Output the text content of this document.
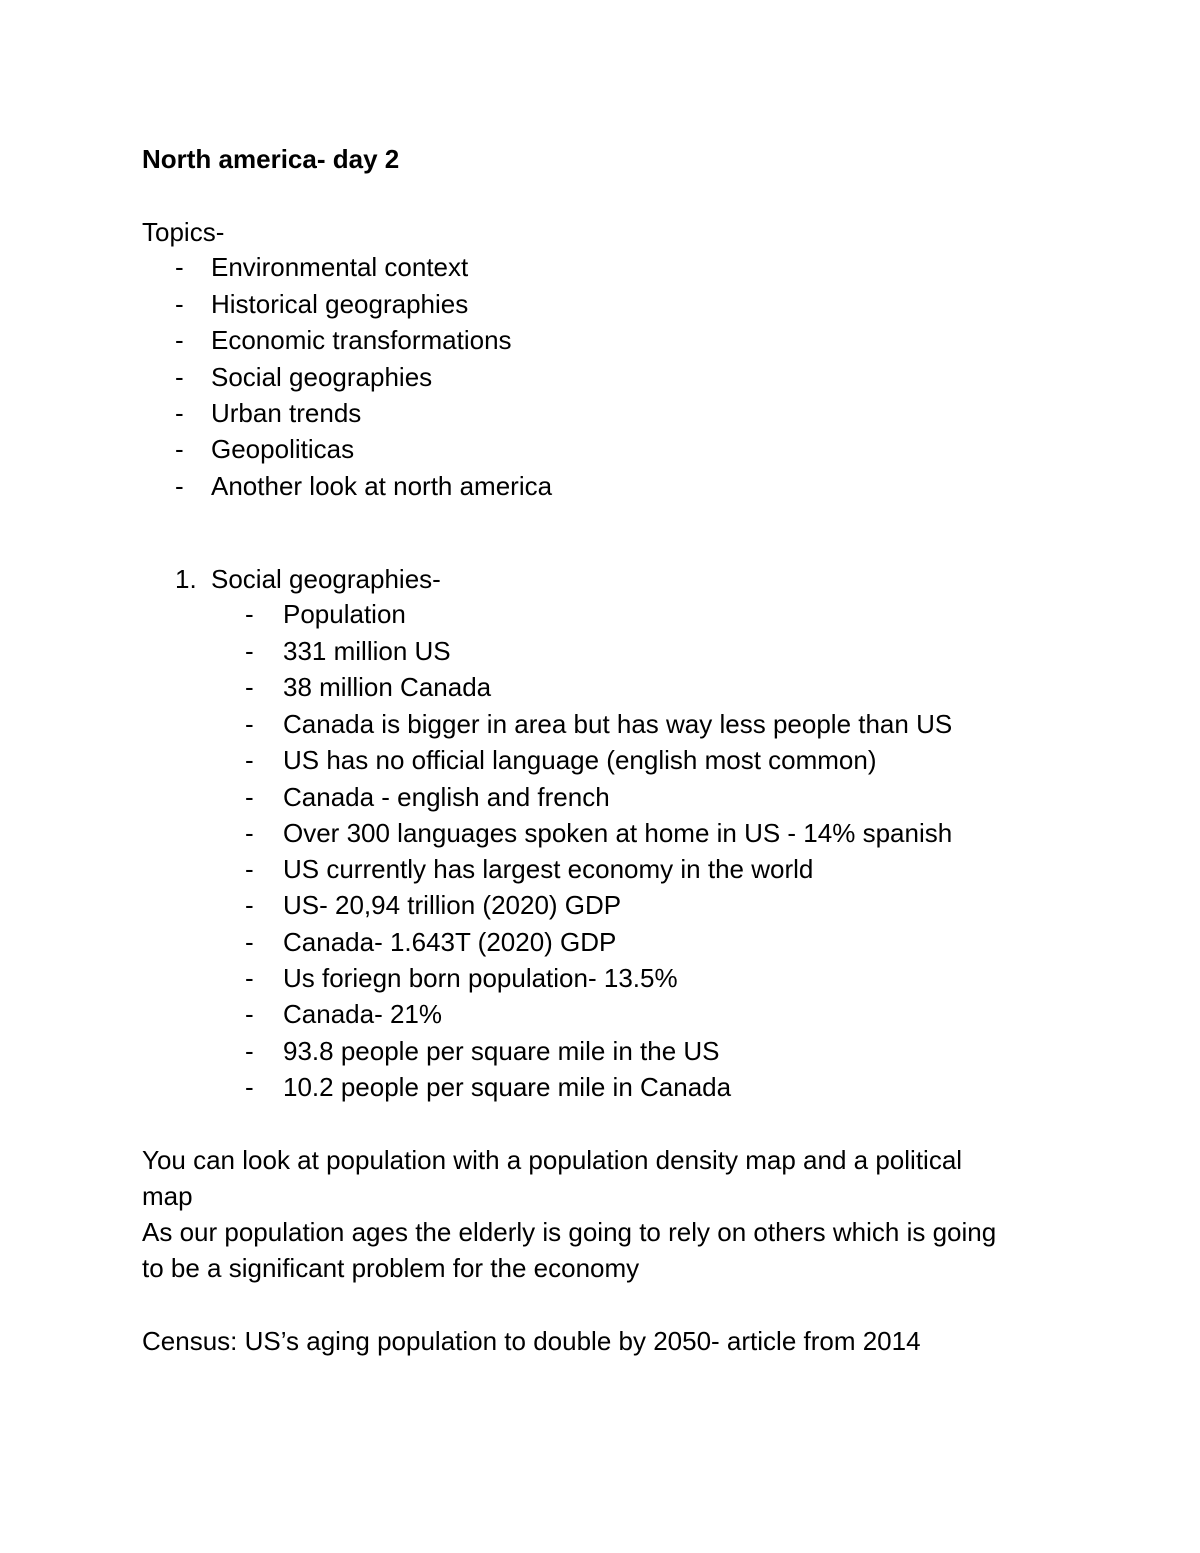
North america- day 2
Topics-
- Environmental context
- Historical geographies
- Economic transformations
- Social geographies
- Urban trends
- Geopoliticas
- Another look at north america
1. Social geographies-
- Population
- 331 million US
- 38 million Canada
- Canada is bigger in area but has way less people than US
- US has no official language (english most common)
- Canada - english and french
- Over 300 languages spoken at home in US - 14% spanish
- US currently has largest economy in the world
- US- 20,94 trillion (2020) GDP
- Canada- 1.643T (2020) GDP
- Us foriegn born population- 13.5%
- Canada- 21%
- 93.8 people per square mile in the US
- 10.2 people per square mile in Canada
You can look at population with a population density map and a political
map
As our population ages the elderly is going to rely on others which is going
to be a significant problem for the economy
Census: US’s aging population to double by 2050- article from 2014
